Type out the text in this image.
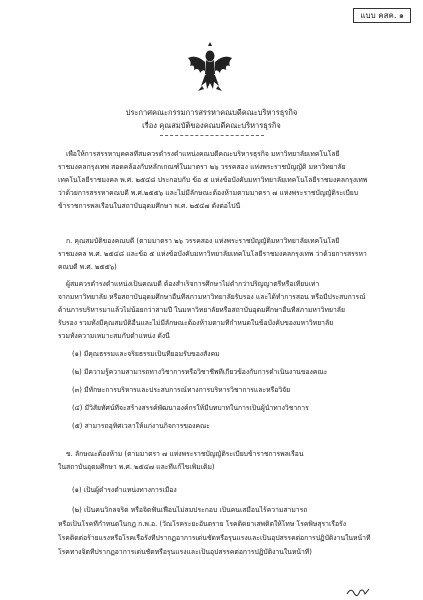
แบบ คสค. ๑
ประกาศคณะกรรมการสรรหาคณบดีคณะบริหารธุรกิจ
เรื่อง คุณสมบัติของคณบดีคณะบริหารธุรกิจ
เพื่อให้การสรรหาบุคคลที่สมควรดำรงตำแหน่งคณบดีคณะบริหารธุรกิจ มหาวิทยาลัยเทคโนโลยี
ราชมงคลกรุงเทพ สอดคล้องกับหลักเกณฑ์ในมาตรา ๒๖ วรรคสอง แห่งพระราชบัญญัติ มหาวิทยาลัย
เทคโนโลยีราชมงคล พ.ศ. ๒๕๔๘ ประกอบกับ ข้อ ๕ แห่งข้อบังคับมหาวิทยาลัยเทคโนโลยีราชมงคลกรุงเทพ
ว่าด้วยการสรรหาคณบดี พ.ศ.๒๕๕๖ และไม่มีลักษณะต้องห้ามตามมาตรา ๗ แห่งพระราชบัญญัติระเบียบ
ข้าราชการพลเรือนในสถาบันอุดมศึกษา พ.ศ. ๒๕๔๗ ดังต่อไปนี้
ก. คุณสมบัติของคณบดี (ตามมาตรา ๒๖ วรรคสอง แห่งพระราชบัญญัติมหาวิทยาลัยเทคโนโลยี
ราชมงคล พ.ศ. ๒๕๔๘ และข้อ ๕ แห่งข้อบังคับมหาวิทยาลัยเทคโนโลยีราชมงคลกรุงเทพ ว่าด้วยการสรรหา
คณบดี พ.ศ. ๒๕๕๖)
ผู้สมควรดำรงตำแหน่งเป็นคณบดี ต้องสำเร็จการศึกษาไม่ต่ำกว่าปริญญาตรีหรือเทียบเท่า
จากมหาวิทยาลัย หรือสถาบันอุดมศึกษาอื่นที่สภามหาวิทยาลัยรับรอง และได้ทำการสอน หรือมีประสบการณ์
ด้านการบริหารมาแล้วไม่น้อยกว่าสามปี ในมหาวิทยาลัยหรือสถาบันอุดมศึกษาอื่นที่สภามหาวิทยาลัย
รับรอง รวมทั้งมีคุณสมบัติอื่นและไม่มีลักษณะต้องห้ามตามที่กำหนดในข้อบังคับของมหาวิทยาลัย
รวมทั้งความเหมาะสมกับตำแหน่ง ดังนี้
(๑) มีคุณธรรมและจริยธรรมเป็นที่ยอมรับของสังคม
(๒) มีความรู้ความสามารถทางวิชาการหรือวิชาชีพที่เกี่ยวข้องกับการดำเนินงานของคณะ
(๓) มีทักษะการบริหารและประสบการณ์ทางการบริหารวิชาการและหรือวิจัย
(๔) มีวิสัยทัศน์ที่จะสร้างสรรค์พัฒนาองค์กรให้มีบทบาทในการเป็นผู้นำทางวิชาการ
(๕) สามารถอุทิศเวลาให้แก่งานกิจการของคณะ
ข. ลักษณะต้องห้าม (ตามมาตรา ๗ แห่งพระราชบัญญัติระเบียบข้าราชการพลเรือน
ในสถาบันอุดมศึกษา พ.ศ. ๒๕๔๗ และที่แก้ไขเพิ่มเติม)
(๑) เป็นผู้ดำรงตำแหน่งทางการเมือง
(๒) เป็นคนวิกลจริต หรือจิตฟั่นเฟือนไม่สมประกอบ เป็นคนเสมือนไร้ความสามารถ
หรือเป็นโรคที่กำหนดในกฎ ก.พ.อ. (วัณโรคระยะอันตราย โรคติดยาเสพติดให้โทษ โรคพิษสุราเรื้อรัง
โรคติดต่อร้ายแรงหรือโรคเรื้อรังที่ปรากฏอาการเด่นชัดหรือรุนแรงและเป็นอุปสรรคต่อการปฏิบัติงานในหน้าที่
โรคทางจิตที่ปรากฏอาการเด่นชัดหรือรุนแรงและเป็นอุปสรรคต่อการปฏิบัติงานในหน้าที่)
